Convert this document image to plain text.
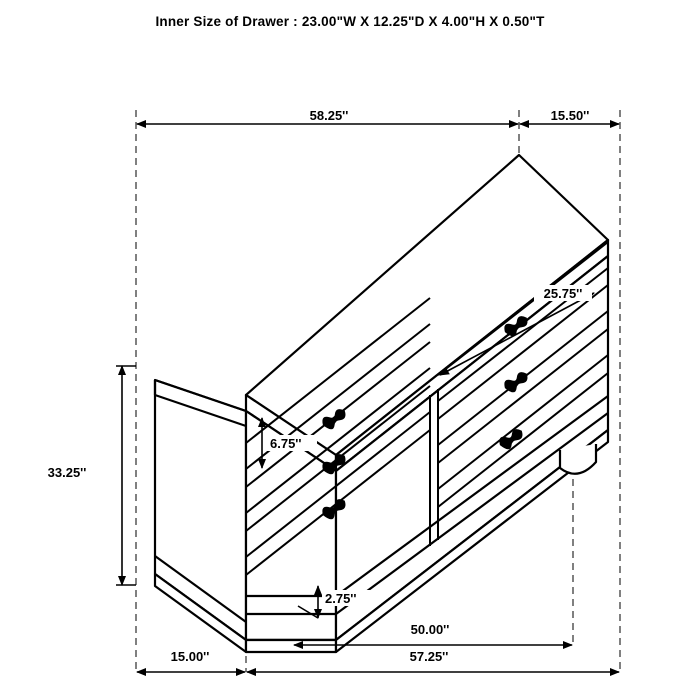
Inner Size of Drawer : 23.00"W X 12.25"D X 4.00"H X 0.50"T
58.25''	15.50''
25.75''
6.75''
33.25''
2.75''
50.00''
15.00''	57.25''
